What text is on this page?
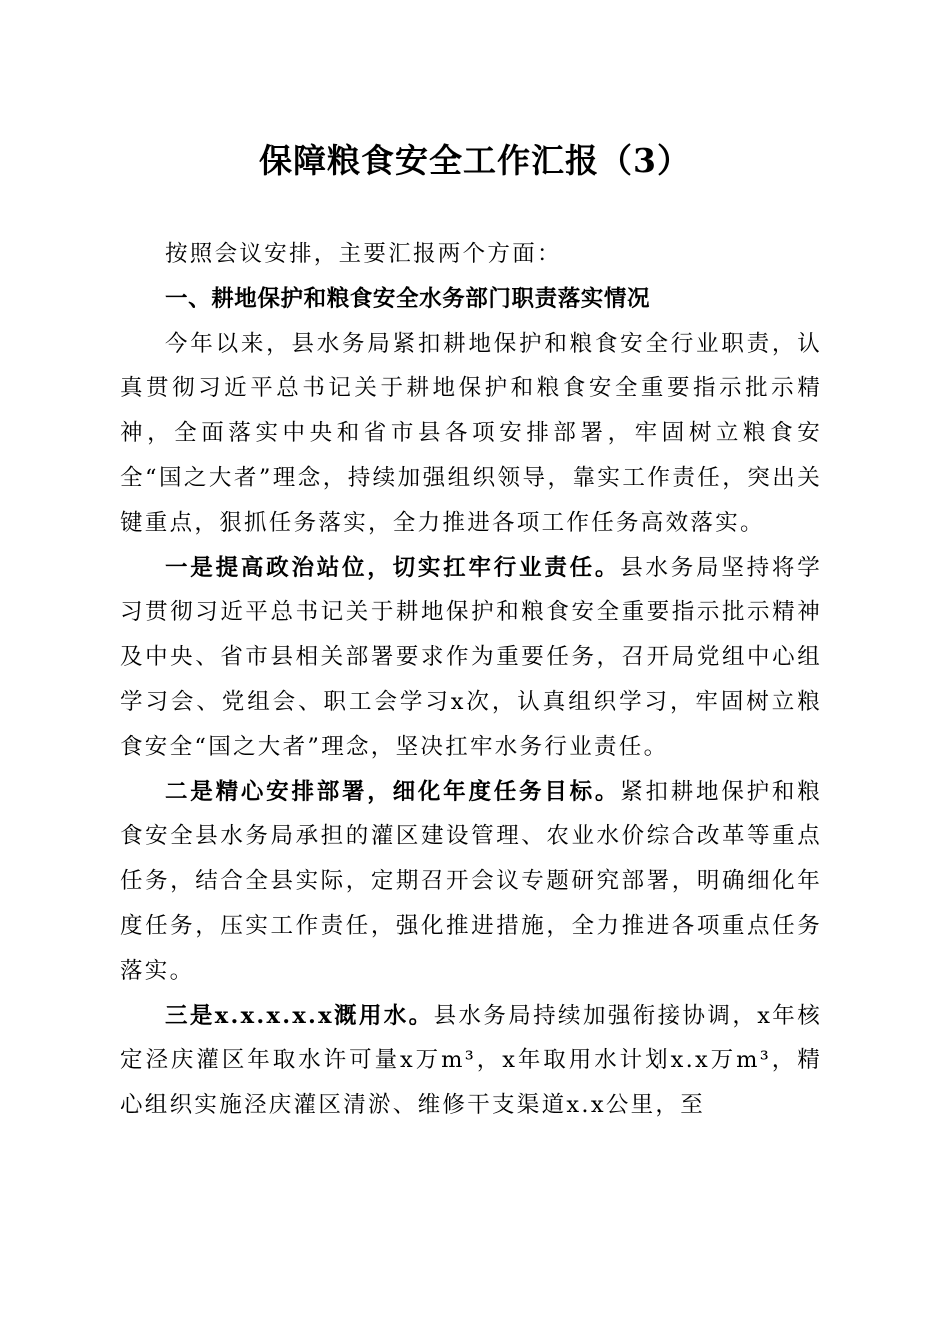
保障粮食安全工作汇报（3）

按照会议安排，主要汇报两个方面：

一、耕地保护和粮食安全水务部门职责落实情况

今年以来，县水务局紧扣耕地保护和粮食安全行业职责，认真贯彻习近平总书记关于耕地保护和粮食安全重要指示批示精神，全面落实中央和省市县各项安排部署，牢固树立粮食安全“国之大者”理念，持续加强组织领导，靠实工作责任，突出关键重点，狠抓任务落实，全力推进各项工作任务高效落实。

一是提高政治站位，切实扛牢行业责任。县水务局坚持将学习贯彻习近平总书记关于耕地保护和粮食安全重要指示批示精神及中央、省市县相关部署要求作为重要任务，召开局党组中心组学习会、党组会、职工会学习x次，认真组织学习，牢固树立粮食安全“国之大者”理念，坚决扛牢水务行业责任。

二是精心安排部署，细化年度任务目标。紧扣耕地保护和粮食安全县水务局承担的灌区建设管理、农业水价综合改革等重点任务，结合全县实际，定期召开会议专题研究部署，明确细化年度任务，压实工作责任，强化推进措施，全力推进各项重点任务落实。

三是x.x.x.x.x溉用水。县水务局持续加强衔接协调，x年核定泾庆灌区年取水许可量x万m³，x年取用水计划x.x万m³，精心组织实施泾庆灌区清淤、维修干支渠道x.x公里，至
